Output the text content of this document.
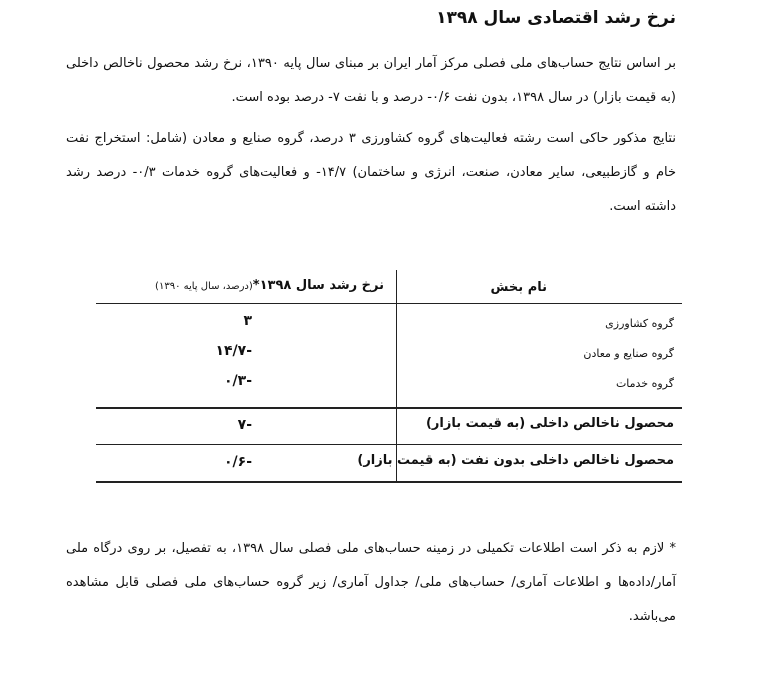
نرخ رشد اقتصادی سال ۱۳۹۸
بر اساس نتایج حساب‌های ملی فصلی مرکز آمار ایران بر مبنای سال پایه ۱۳۹۰، نرخ رشد محصول ناخالص داخلی (به قیمت بازار) در سال ۱۳۹۸، بدون نفت ۰/۶- درصد و با نفت ۷- درصد بوده است.
نتایج مذکور حاکی است رشته فعالیت‌های گروه کشاورزی ۳ درصد، گروه صنایع و معادن (شامل: استخراج نفت خام و گازطبیعی، سایر معادن، صنعت، انرژی و ساختمان) ۱۴/۷- و فعالیت‌های گروه خدمات ۰/۳- درصد رشد داشته است.
نام بخش
نرخ رشد سال ۱۳۹۸*(درصد، سال پایه ۱۳۹۰)
گروه کشاورزی
۳
گروه صنایع و معادن
-۱۴/۷
گروه خدمات
-۰/۳
محصول ناخالص داخلی (به قیمت بازار)
-۷
محصول ناخالص داخلی بدون نفت (به قیمت بازار)
-۰/۶
* لازم به ذکر است اطلاعات تکمیلی در زمینه حساب‌های ملی فصلی سال ۱۳۹۸، به تفصیل، بر روی درگاه ملی آمار/داده‌ها و اطلاعات آماری/ حساب‌های ملی/ جداول آماری/ زیر گروه حساب‌های ملی فصلی قابل مشاهده می‌باشد.
